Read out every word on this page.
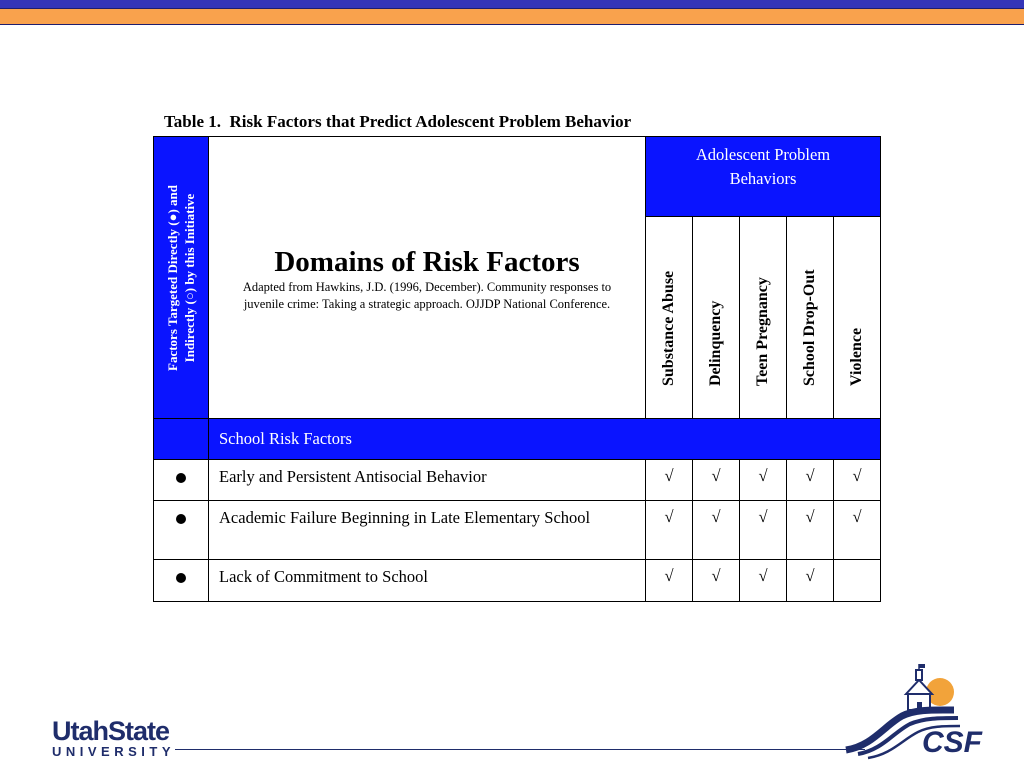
Table 1.  Risk Factors that Predict Adolescent Problem Behavior
Factors Targeted Directly (●) and Indirectly (○) by this Initiative	Domains of Risk Factors
Adapted from Hawkins, J.D. (1996, December). Community responses to juvenile crime: Taking a strategic approach. OJJDP National Conference.	Adolescent Problem
Behaviors				

		Substance Abuse	Delinquency	Teen Pregnancy	School Drop-Out	Violence

	School Risk Factors					
	Early and Persistent Antisocial Behavior	√	√	√	√	√
	Academic Failure Beginning in Late Elementary School	√	√	√	√	√
	Lack of Commitment to School	√	√	√	√	
UtahState
UNIVERSITY	CSF
